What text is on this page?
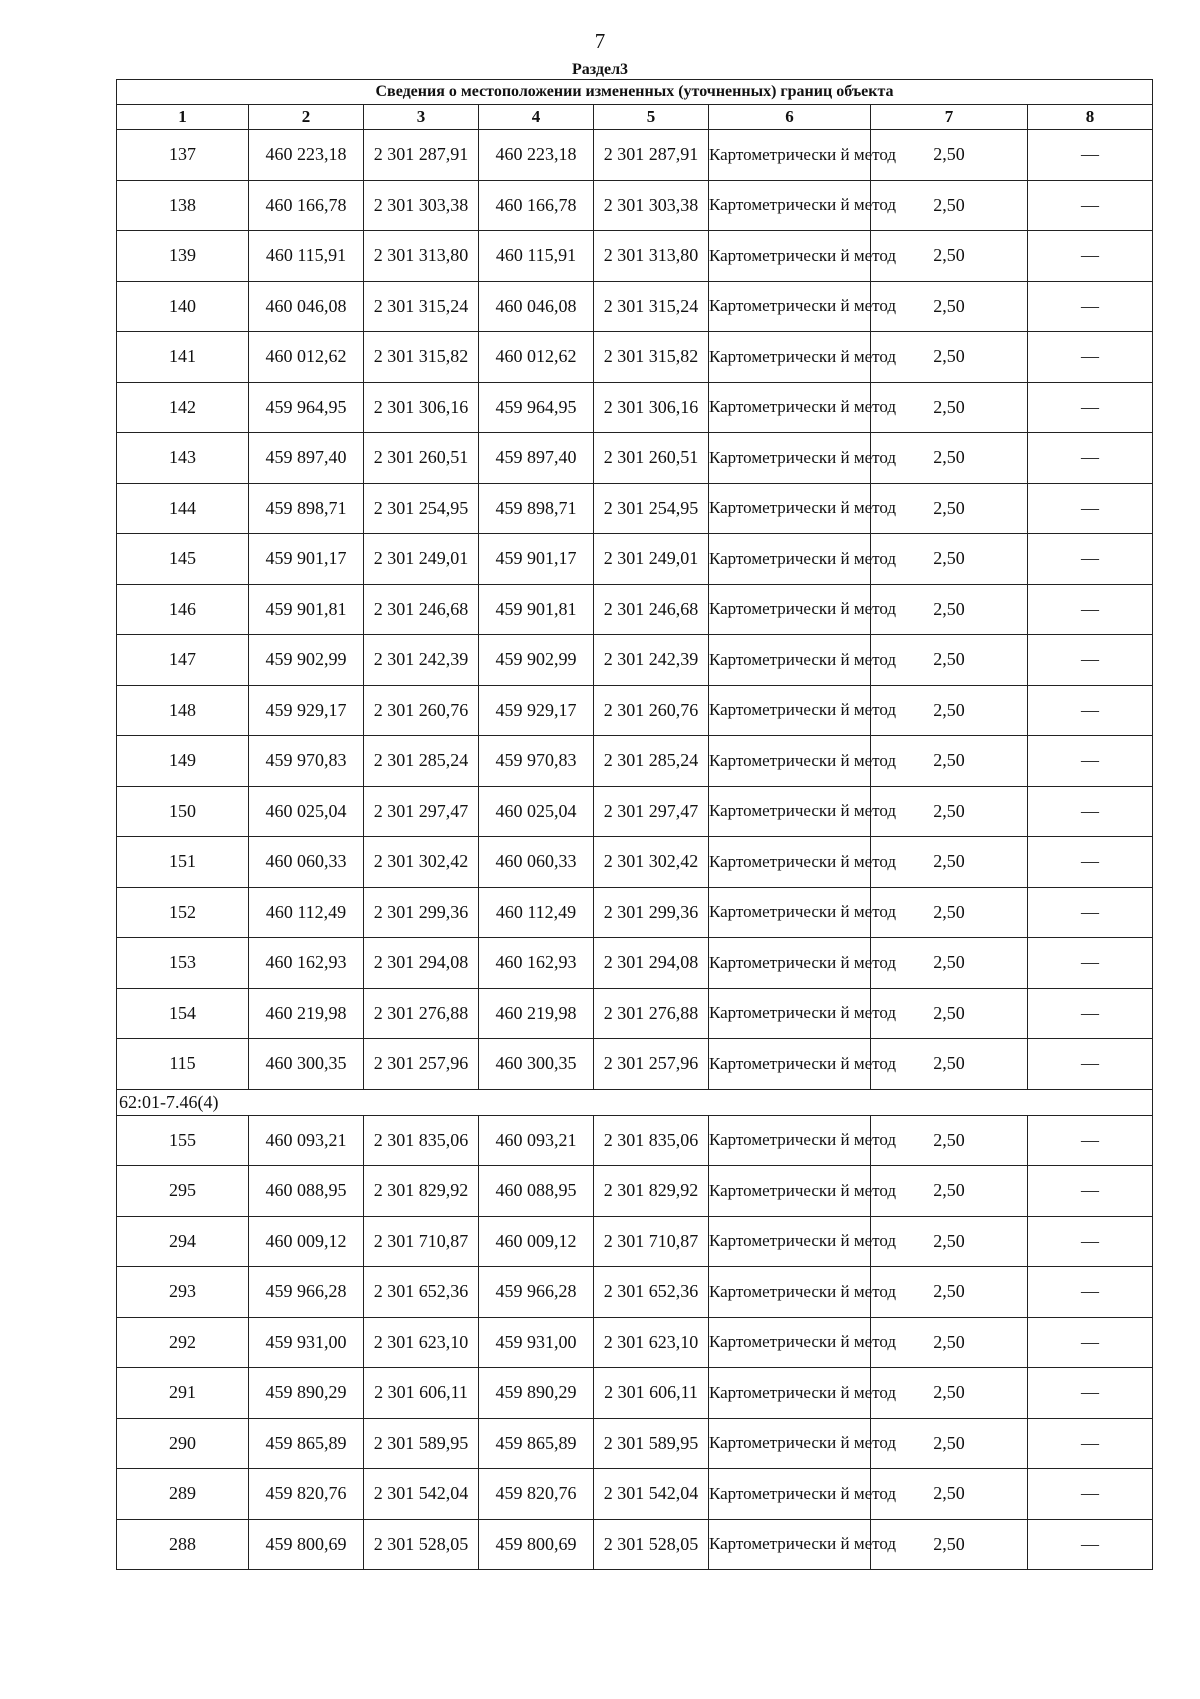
7
Раздел3
Сведения о местоположении измененных (уточненных) границ объекта							
1	2	3	4	5	6	7	8
137	460 223,18	2 301 287,91	460 223,18	2 301 287,91	Картометрически й метод	2,50	—
138	460 166,78	2 301 303,38	460 166,78	2 301 303,38	Картометрически й метод	2,50	—
139	460 115,91	2 301 313,80	460 115,91	2 301 313,80	Картометрически й метод	2,50	—
140	460 046,08	2 301 315,24	460 046,08	2 301 315,24	Картометрически й метод	2,50	—
141	460 012,62	2 301 315,82	460 012,62	2 301 315,82	Картометрически й метод	2,50	—
142	459 964,95	2 301 306,16	459 964,95	2 301 306,16	Картометрически й метод	2,50	—
143	459 897,40	2 301 260,51	459 897,40	2 301 260,51	Картометрически й метод	2,50	—
144	459 898,71	2 301 254,95	459 898,71	2 301 254,95	Картометрически й метод	2,50	—
145	459 901,17	2 301 249,01	459 901,17	2 301 249,01	Картометрически й метод	2,50	—
146	459 901,81	2 301 246,68	459 901,81	2 301 246,68	Картометрически й метод	2,50	—
147	459 902,99	2 301 242,39	459 902,99	2 301 242,39	Картометрически й метод	2,50	—
148	459 929,17	2 301 260,76	459 929,17	2 301 260,76	Картометрически й метод	2,50	—
149	459 970,83	2 301 285,24	459 970,83	2 301 285,24	Картометрически й метод	2,50	—
150	460 025,04	2 301 297,47	460 025,04	2 301 297,47	Картометрически й метод	2,50	—
151	460 060,33	2 301 302,42	460 060,33	2 301 302,42	Картометрически й метод	2,50	—
152	460 112,49	2 301 299,36	460 112,49	2 301 299,36	Картометрически й метод	2,50	—
153	460 162,93	2 301 294,08	460 162,93	2 301 294,08	Картометрически й метод	2,50	—
154	460 219,98	2 301 276,88	460 219,98	2 301 276,88	Картометрически й метод	2,50	—
115	460 300,35	2 301 257,96	460 300,35	2 301 257,96	Картометрически й метод	2,50	—
62:01-7.46(4)							
155	460 093,21	2 301 835,06	460 093,21	2 301 835,06	Картометрически й метод	2,50	—
295	460 088,95	2 301 829,92	460 088,95	2 301 829,92	Картометрически й метод	2,50	—
294	460 009,12	2 301 710,87	460 009,12	2 301 710,87	Картометрически й метод	2,50	—
293	459 966,28	2 301 652,36	459 966,28	2 301 652,36	Картометрически й метод	2,50	—
292	459 931,00	2 301 623,10	459 931,00	2 301 623,10	Картометрически й метод	2,50	—
291	459 890,29	2 301 606,11	459 890,29	2 301 606,11	Картометрически й метод	2,50	—
290	459 865,89	2 301 589,95	459 865,89	2 301 589,95	Картометрически й метод	2,50	—
289	459 820,76	2 301 542,04	459 820,76	2 301 542,04	Картометрически й метод	2,50	—
288	459 800,69	2 301 528,05	459 800,69	2 301 528,05	Картометрически й метод	2,50	—
